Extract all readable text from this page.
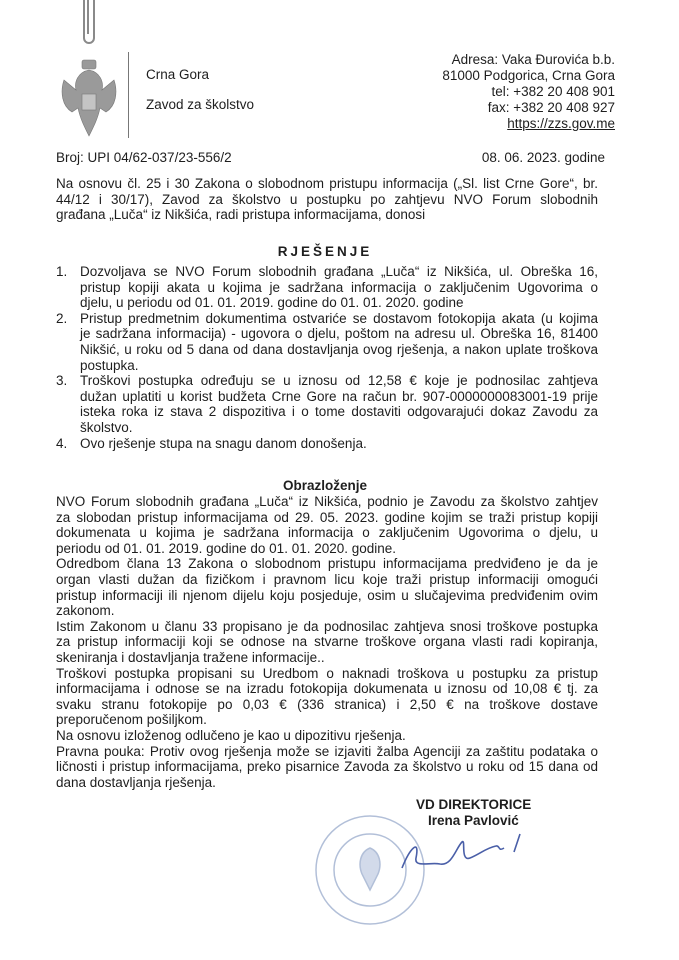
Crna Gora
Zavod za školstvo
Adresa: Vaka Đurovića b.b.
81000 Podgorica, Crna Gora
tel: +382 20 408 901
fax: +382 20 408 927
https://zzs.gov.me
Broj: UPI 04/62-037/23-556/2	08. 06. 2023. godine
Na osnovu čl. 25 i 30 Zakona o slobodnom pristupu informacija („Sl. list Crne Gore“, br.
44/12 i 30/17), Zavod za školstvo u postupku po zahtjevu NVO Forum slobodnih
građana „Luča“ iz Nikšića, radi pristupa informacijama, donosi
RJEŠENJE
1. Dozvoljava se NVO Forum slobodnih građana „Luča“ iz Nikšića, ul. Obreška 16,
pristup kopiji akata u kojima je sadržana informacija o zaključenim Ugovorima o
djelu, u periodu od 01. 01. 2019. godine do 01. 01. 2020. godine
2. Pristup predmetnim dokumentima ostvariće se dostavom fotokopija akata (u kojima
je sadržana informacija) - ugovora o djelu, poštom na adresu ul. Obreška 16, 81400
Nikšić, u roku od 5 dana od dana dostavljanja ovog rješenja, a nakon uplate troškova
postupka.
3. Troškovi postupka određuju se u iznosu od 12,58 € koje je podnosilac zahtjeva
dužan uplatiti u korist budžeta Crne Gore na račun br. 907-0000000083001-19 prije
isteka roka iz stava 2 dispozitiva i o tome dostaviti odgovarajući dokaz Zavodu za
školstvo.
4. Ovo rješenje stupa na snagu danom donošenja.
Obrazloženje
NVO Forum slobodnih građana „Luča“ iz Nikšića, podnio je Zavodu za školstvo zahtjev
za slobodan pristup informacijama od 29. 05. 2023. godine kojim se traži pristup kopiji
dokumenata u kojima je sadržana informacija o zaključenim Ugovorima o djelu, u
periodu od 01. 01. 2019. godine do 01. 01. 2020. godine.
Odredbom člana 13 Zakona o slobodnom pristupu informacijama predviđeno je da je
organ vlasti dužan da fizičkom i pravnom licu koje traži pristup informaciji omogući
pristup informaciji ili njenom dijelu koju posjeduje, osim u slučajevima predviđenim ovim
zakonom.
Istim Zakonom u članu 33 propisano je da podnosilac zahtjeva snosi troškove postupka
za pristup informaciji koji se odnose na stvarne troškove organa vlasti radi kopiranja,
skeniranja i dostavljanja tražene informacije..
Troškovi postupka propisani su Uredbom o naknadi troškova u postupku za pristup
informacijama i odnose se na izradu fotokopija dokumenata u iznosu od 10,08 € tj. za
svaku stranu fotokopije po 0,03 € (336 stranica) i 2,50 € na troškove dostave
preporučenom pošiljkom.
Na osnovu izloženog odlučeno je kao u dipozitivu rješenja.
Pravna pouka: Protiv ovog rješenja može se izjaviti žalba Agenciji za zaštitu podataka o
ličnosti i pristup informacijama, preko pisarnice Zavoda za školstvo u roku od 15 dana od
dana dostavljanja rješenja.
VD DIREKTORICE
Irena Pavlović
